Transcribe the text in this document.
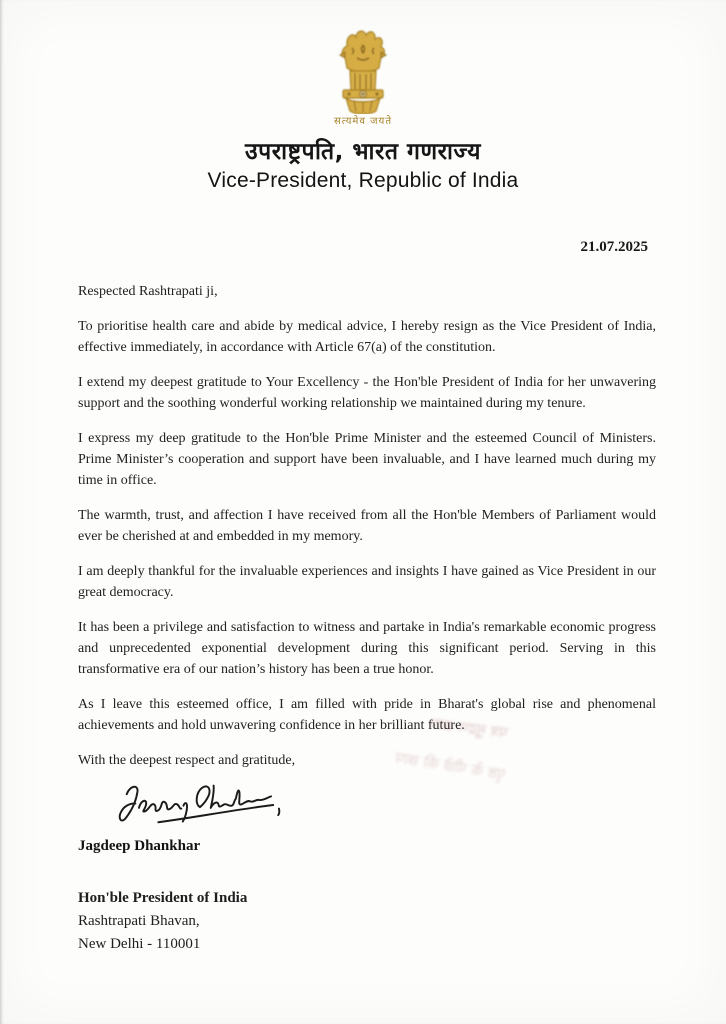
सत्यमेव जयते
उपराष्ट्रपति, भारत गणराज्य
Vice-President, Republic of India
21.07.2025
Respected Rashtrapati ji,

To prioritise health care and abide by medical advice, I hereby resign as the Vice President of India, effective immediately, in accordance with Article 67(a) of the constitution.

I extend my deepest gratitude to Your Excellency - the Hon'ble President of India for her unwavering support and the soothing wonderful working relationship we maintained during my tenure.

I express my deep gratitude to the Hon'ble Prime Minister and the esteemed Council of Ministers. Prime Minister’s cooperation and support have been invaluable, and I have learned much during my time in office.

The warmth, trust, and affection I have received from all the Hon'ble Members of Parliament would ever be cherished at and embedded in my memory.

I am deeply thankful for the invaluable experiences and insights I have gained as Vice President in our great democracy.

It has been a privilege and satisfaction to witness and partake in India's remarkable economic progress and unprecedented exponential development during this significant period. Serving in this transformative era of our nation’s history has been a true honor.

As I leave this esteemed office, I am filled with pride in Bharat's global rise and phenomenal achievements and hold unwavering confidence in her brilliant future.

With the deepest respect and gratitude,
Jagdeep Dhankhar
Hon'ble President of India
Rashtrapati Bhavan,
New Delhi - 110001
पत्र मुद्रण छाप
पृष्ठ के पीछे की छाप
